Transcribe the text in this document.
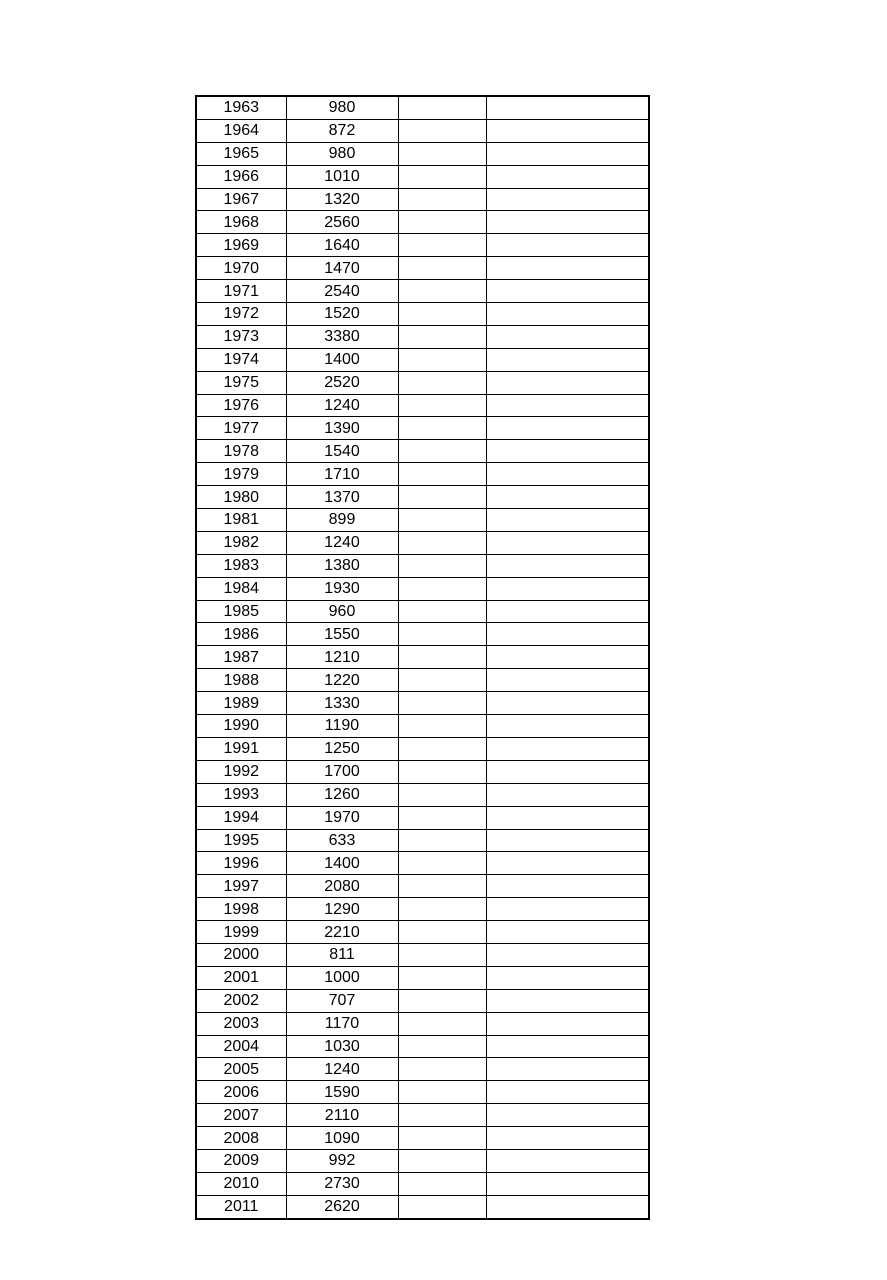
1963	980		
1964	872		
1965	980		
1966	1010		
1967	1320		
1968	2560		
1969	1640		
1970	1470		
1971	2540		
1972	1520		
1973	3380		
1974	1400		
1975	2520		
1976	1240		
1977	1390		
1978	1540		
1979	1710		
1980	1370		
1981	899		
1982	1240		
1983	1380		
1984	1930		
1985	960		
1986	1550		
1987	1210		
1988	1220		
1989	1330		
1990	1190		
1991	1250		
1992	1700		
1993	1260		
1994	1970		
1995	633		
1996	1400		
1997	2080		
1998	1290		
1999	2210		
2000	811		
2001	1000		
2002	707		
2003	1170		
2004	1030		
2005	1240		
2006	1590		
2007	2110		
2008	1090		
2009	992		
2010	2730		
2011	2620		
